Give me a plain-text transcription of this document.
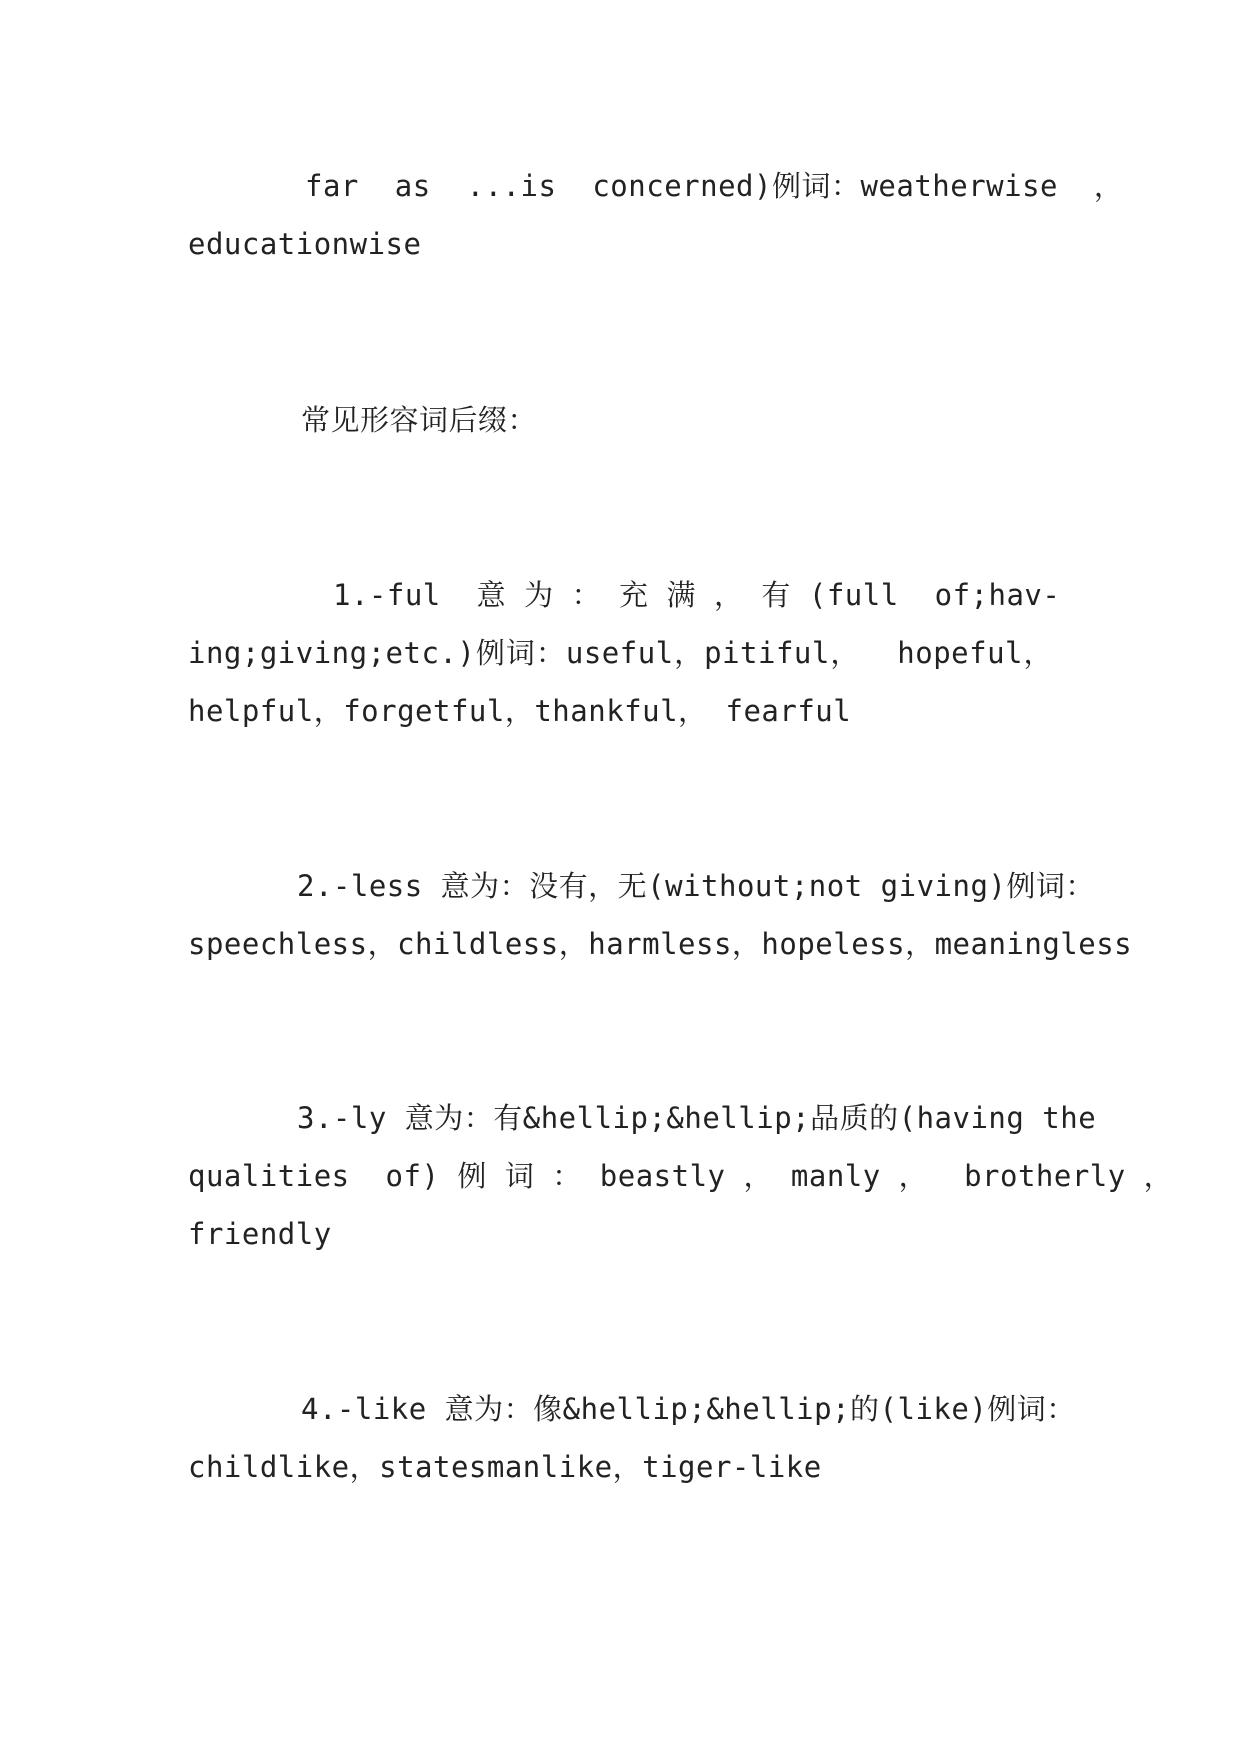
far  as  ...is  concerned)例词：weatherwise  ，
educationwise
常见形容词后缀：
1.-ful  意 为 ： 充 满 ， 有 (full  of;hav-
ing;giving;etc.)例词：useful，pitiful，  hopeful，
helpful，forgetful，thankful， fearful
2.-less 意为：没有，无(without;not giving)例词：
speechless，childless，harmless，hopeless，meaningless
3.-ly 意为：有&hellip;&hellip;品质的(having the
qualities  of) 例 词 ： beastly ， manly ，  brotherly ，
friendly
4.-like 意为：像&hellip;&hellip;的(like)例词：
childlike，statesmanlike，tiger-like
